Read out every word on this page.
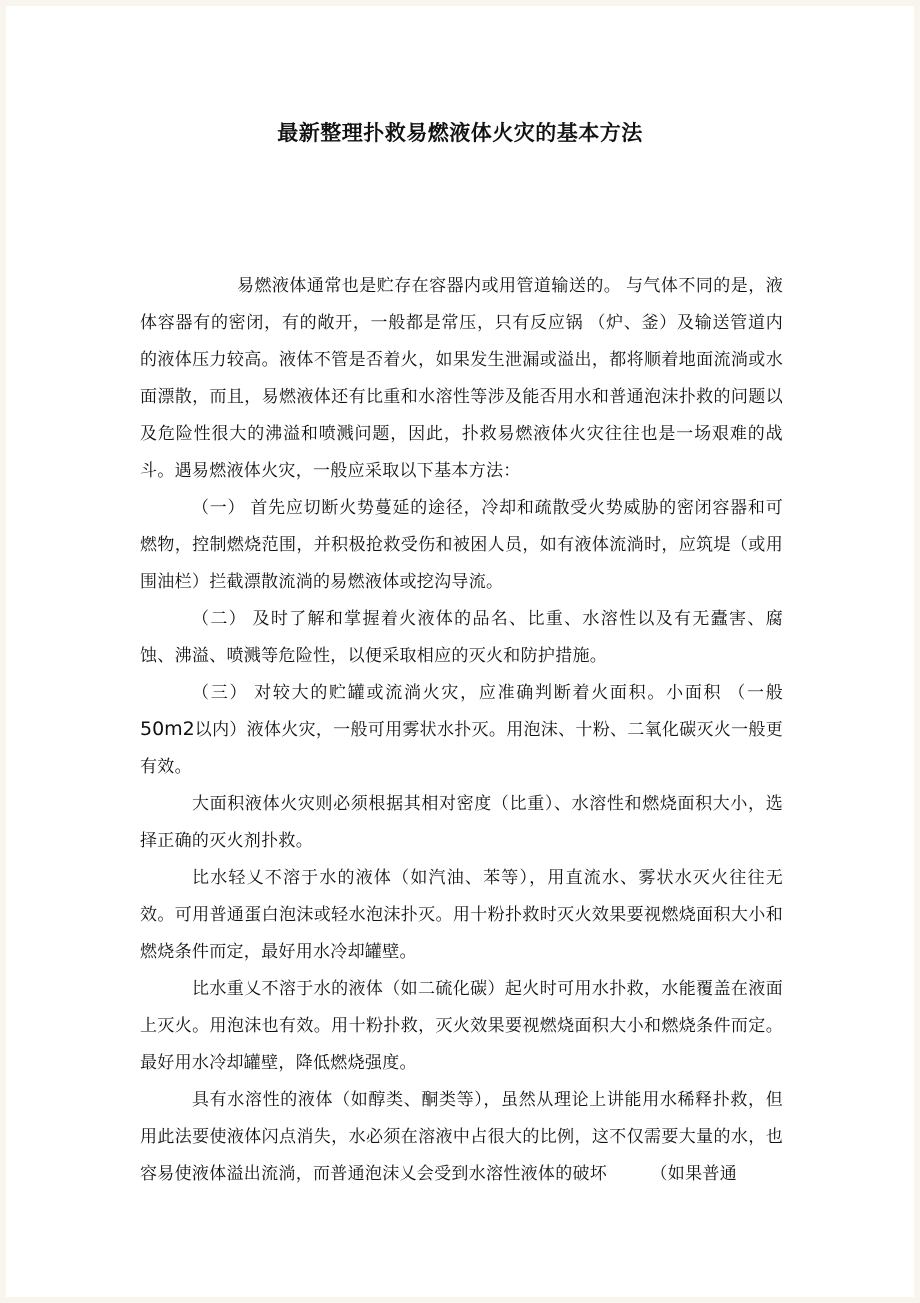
最新整理扑救易燃液体火灾的基本方法

易燃液体通常也是贮存在容器内或用管道输送的。 与气体不同的是，液体容器有的密闭，有的敞开，一般都是常压，只有反应锅 （炉、釜）及输送管道内的液体压力较高。液体不管是否着火，如果发生泄漏或溢出，都将顺着地面流淌或水面漂散，而且，易燃液体还有比重和水溶性等涉及能否用水和普通泡沫扑救的问题以及危险性很大的沸溢和喷溅问题，因此，扑救易燃液体火灾往往也是一场艰难的战斗。遇易燃液体火灾，一般应采取以下基本方法：

（一） 首先应切断火势蔓延的途径，冷却和疏散受火势威胁的密闭容器和可燃物，控制燃烧范围，并积极抢救受伤和被困人员，如有液体流淌时，应筑堤（或用围油栏）拦截漂散流淌的易燃液体或挖沟导流。

（二） 及时了解和掌握着火液体的品名、比重、水溶性以及有无蠹害、腐蚀、沸溢、喷溅等危险性，以便采取相应的灭火和防护措施。

（三） 对较大的贮罐或流淌火灾，应准确判断着火面积。小面积 （一般50m2以内）液体火灾，一般可用雾状水扑灭。用泡沫、十粉、二氧化碳灭火一般更有效。

大面积液体火灾则必须根据其相对密度（比重）、水溶性和燃烧面积大小，选择正确的灭火剂扑救。

比水轻乂不溶于水的液体（如汽油、苯等），用直流水、雾状水灭火往往无效。可用普通蛋白泡沫或轻水泡沫扑灭。用十粉扑救时灭火效果要视燃烧面积大小和燃烧条件而定，最好用水冷却罐壁。

比水重乂不溶于水的液体（如二硫化碳）起火时可用水扑救，水能覆盖在液面上灭火。用泡沫也有效。用十粉扑救，灭火效果要视燃烧面积大小和燃烧条件而定。最好用水冷却罐壁，降低燃烧强度。

具有水溶性的液体（如醇类、酮类等），虽然从理论上讲能用水稀释扑救，但用此法要使液体闪点消失，水必须在溶液中占很大的比例，这不仅需要大量的水，也容易使液体溢出流淌，而普通泡沫乂会受到水溶性液体的破坏　　　（如果普通
